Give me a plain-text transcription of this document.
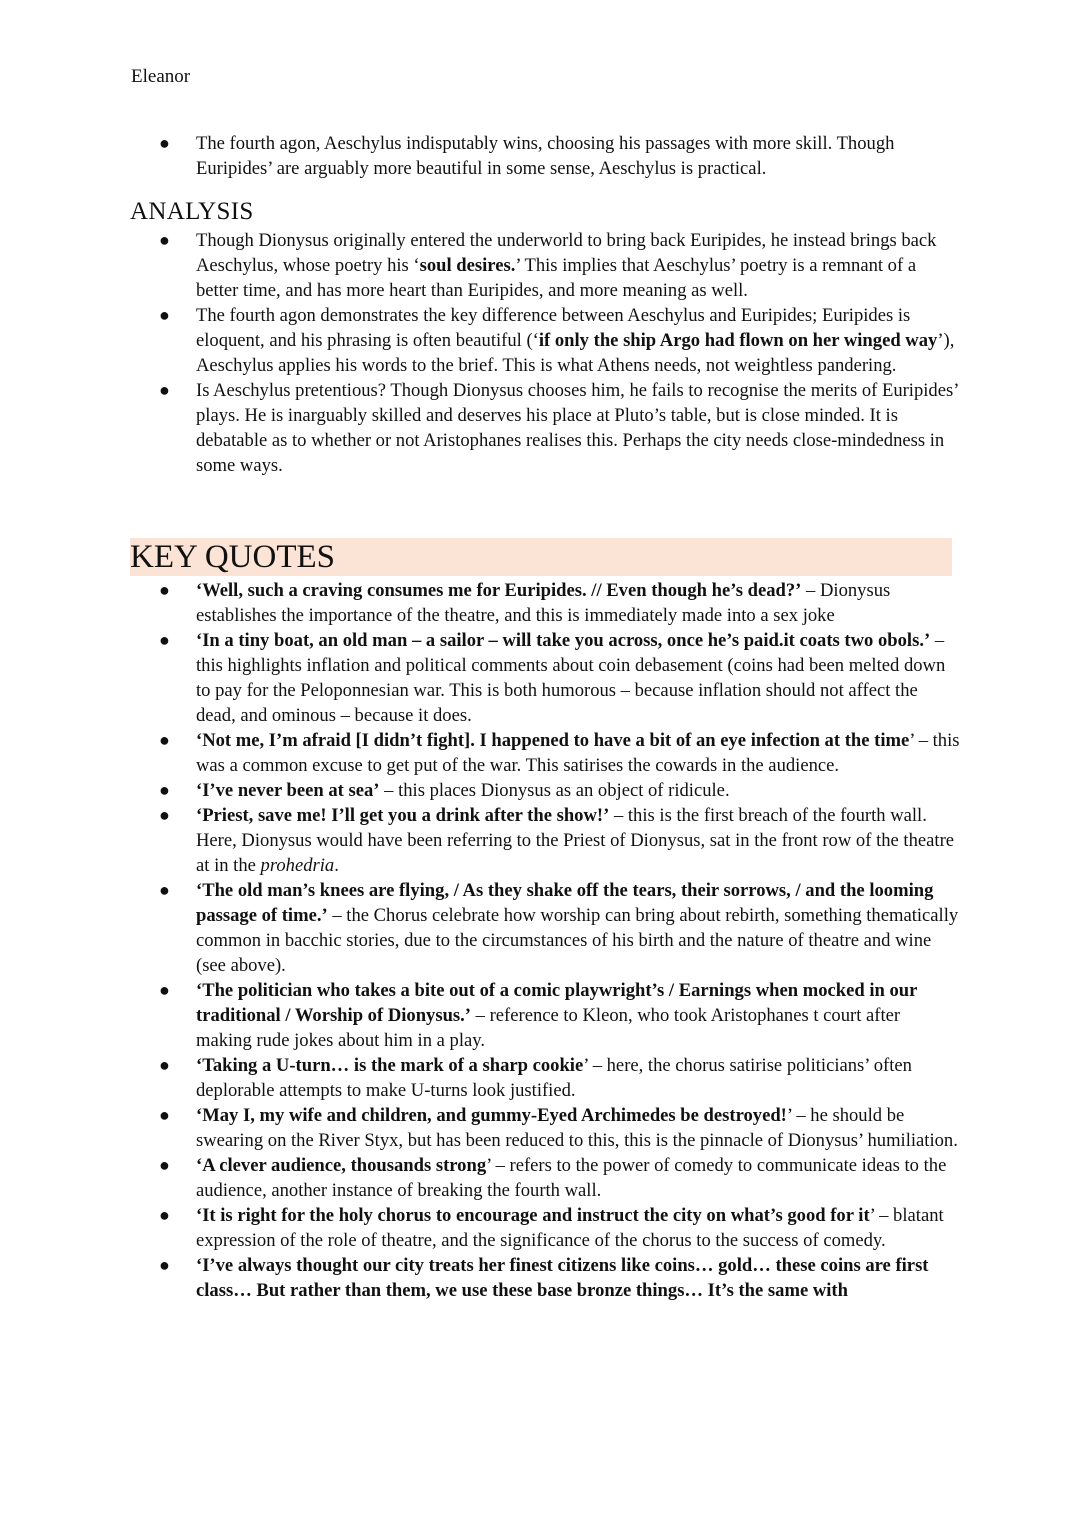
Eleanor
● The fourth agon, Aeschylus indisputably wins, choosing his passages with more skill. Though Euripides’ are arguably more beautiful in some sense, Aeschylus is practical.
ANALYSIS
● Though Dionysus originally entered the underworld to bring back Euripides, he instead brings back Aeschylus, whose poetry his ‘soul desires.’ This implies that Aeschylus’ poetry is a remnant of a better time, and has more heart than Euripides, and more meaning as well.
● The fourth agon demonstrates the key difference between Aeschylus and Euripides; Euripides is eloquent, and his phrasing is often beautiful (‘if only the ship Argo had flown on her winged way’), Aeschylus applies his words to the brief. This is what Athens needs, not weightless pandering.
● Is Aeschylus pretentious? Though Dionysus chooses him, he fails to recognise the merits of Euripides’ plays. He is inarguably skilled and deserves his place at Pluto’s table, but is close minded. It is debatable as to whether or not Aristophanes realises this. Perhaps the city needs close-mindedness in some ways.
KEY QUOTES
● ‘Well, such a craving consumes me for Euripides. // Even though he’s dead?’ – Dionysus establishes the importance of the theatre, and this is immediately made into a sex joke
● ‘In a tiny boat, an old man – a sailor – will take you across, once he’s paid.it coats two obols.’ – this highlights inflation and political comments about coin debasement (coins had been melted down to pay for the Peloponnesian war. This is both humorous – because inflation should not affect the dead, and ominous – because it does.
● ‘Not me, I’m afraid [I didn’t fight]. I happened to have a bit of an eye infection at the time’ – this was a common excuse to get put of the war. This satirises the cowards in the audience.
● ‘I’ve never been at sea’ – this places Dionysus as an object of ridicule.
● ‘Priest, save me! I’ll get you a drink after the show!’ – this is the first breach of the fourth wall. Here, Dionysus would have been referring to the Priest of Dionysus, sat in the front row of the theatre at in the prohedria.
● ‘The old man’s knees are flying, / As they shake off the tears, their sorrows, / and the looming passage of time.’ – the Chorus celebrate how worship can bring about rebirth, something thematically common in bacchic stories, due to the circumstances of his birth and the nature of theatre and wine (see above).
● ‘The politician who takes a bite out of a comic playwright’s / Earnings when mocked in our traditional / Worship of Dionysus.’ – reference to Kleon, who took Aristophanes t court after making rude jokes about him in a play.
● ‘Taking a U-turn… is the mark of a sharp cookie’ – here, the chorus satirise politicians’ often deplorable attempts to make U-turns look justified.
● ‘May I, my wife and children, and gummy-Eyed Archimedes be destroyed!’ – he should be swearing on the River Styx, but has been reduced to this, this is the pinnacle of Dionysus’ humiliation.
● ‘A clever audience, thousands strong’ – refers to the power of comedy to communicate ideas to the audience, another instance of breaking the fourth wall.
● ‘It is right for the holy chorus to encourage and instruct the city on what’s good for it’ – blatant expression of the role of theatre, and the significance of the chorus to the success of comedy.
● ‘I’ve always thought our city treats her finest citizens like coins… gold… these coins are first class… But rather than them, we use these base bronze things… It’s the same with
